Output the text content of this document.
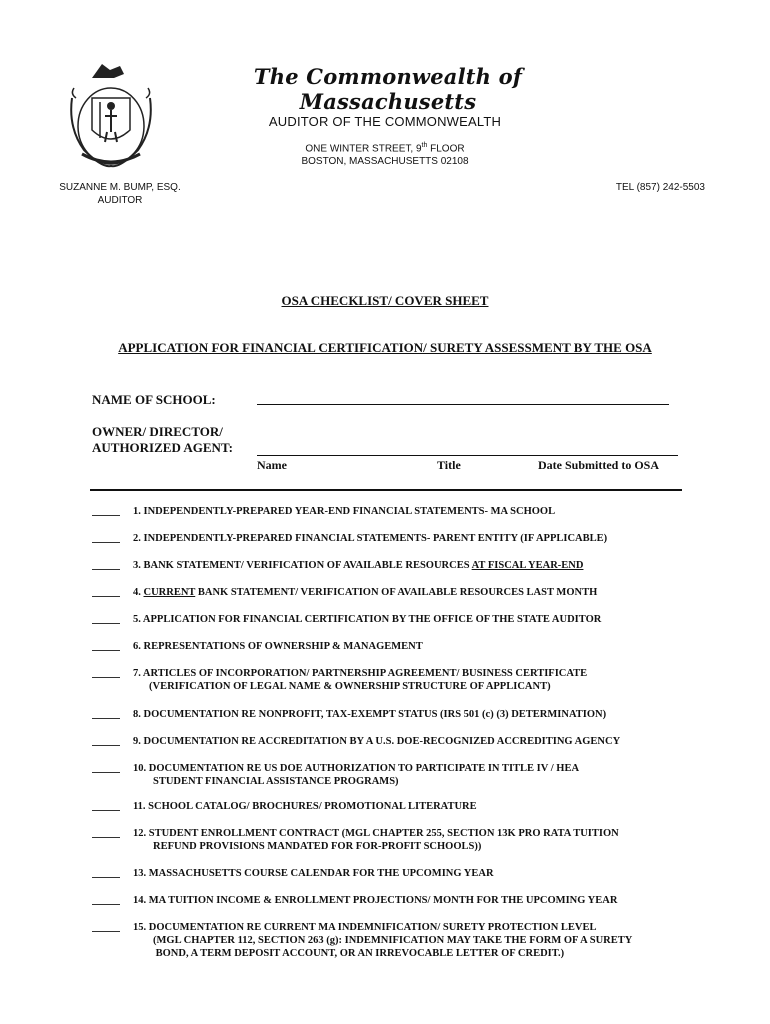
The Commonwealth of Massachusetts
AUDITOR OF THE COMMONWEALTH
ONE WINTER STREET, 9th FLOOR
BOSTON, MASSACHUSETTS 02108
SUZANNE M. BUMP, ESQ.
AUDITOR
TEL (857) 242-5503
OSA CHECKLIST/ COVER SHEET
APPLICATION FOR FINANCIAL CERTIFICATION/ SURETY ASSESSMENT BY THE OSA
NAME OF SCHOOL:
OWNER/ DIRECTOR/
AUTHORIZED AGENT:
Name	Title	Date Submitted to OSA
1. INDEPENDENTLY-PREPARED YEAR-END FINANCIAL STATEMENTS- MA SCHOOL
2. INDEPENDENTLY-PREPARED FINANCIAL STATEMENTS- PARENT ENTITY (IF APPLICABLE)
3. BANK STATEMENT/ VERIFICATION OF AVAILABLE RESOURCES AT FISCAL YEAR-END
4. CURRENT BANK STATEMENT/ VERIFICATION OF AVAILABLE RESOURCES LAST MONTH
5. APPLICATION FOR FINANCIAL CERTIFICATION BY THE OFFICE OF THE STATE AUDITOR
6. REPRESENTATIONS OF OWNERSHIP & MANAGEMENT
7. ARTICLES OF INCORPORATION/ PARTNERSHIP AGREEMENT/ BUSINESS CERTIFICATE
(VERIFICATION OF LEGAL NAME & OWNERSHIP STRUCTURE OF APPLICANT)
8. DOCUMENTATION RE NONPROFIT, TAX-EXEMPT STATUS (IRS 501 (c) (3) DETERMINATION)
9. DOCUMENTATION RE ACCREDITATION BY A U.S. DOE-RECOGNIZED ACCREDITING AGENCY
10. DOCUMENTATION RE US DOE AUTHORIZATION TO PARTICIPATE IN TITLE IV / HEA
STUDENT FINANCIAL ASSISTANCE PROGRAMS)
11. SCHOOL CATALOG/ BROCHURES/ PROMOTIONAL LITERATURE
12. STUDENT ENROLLMENT CONTRACT (MGL CHAPTER 255, SECTION 13K PRO RATA TUITION
REFUND PROVISIONS MANDATED FOR FOR-PROFIT SCHOOLS))
13. MASSACHUSETTS COURSE CALENDAR FOR THE UPCOMING YEAR
14. MA TUITION INCOME & ENROLLMENT PROJECTIONS/ MONTH FOR THE UPCOMING YEAR
15. DOCUMENTATION RE CURRENT MA INDEMNIFICATION/ SURETY PROTECTION LEVEL
(MGL CHAPTER 112, SECTION 263 (g): INDEMNIFICATION MAY TAKE THE FORM OF A SURETY
BOND, A TERM DEPOSIT ACCOUNT, OR AN IRREVOCABLE LETTER OF CREDIT.)
